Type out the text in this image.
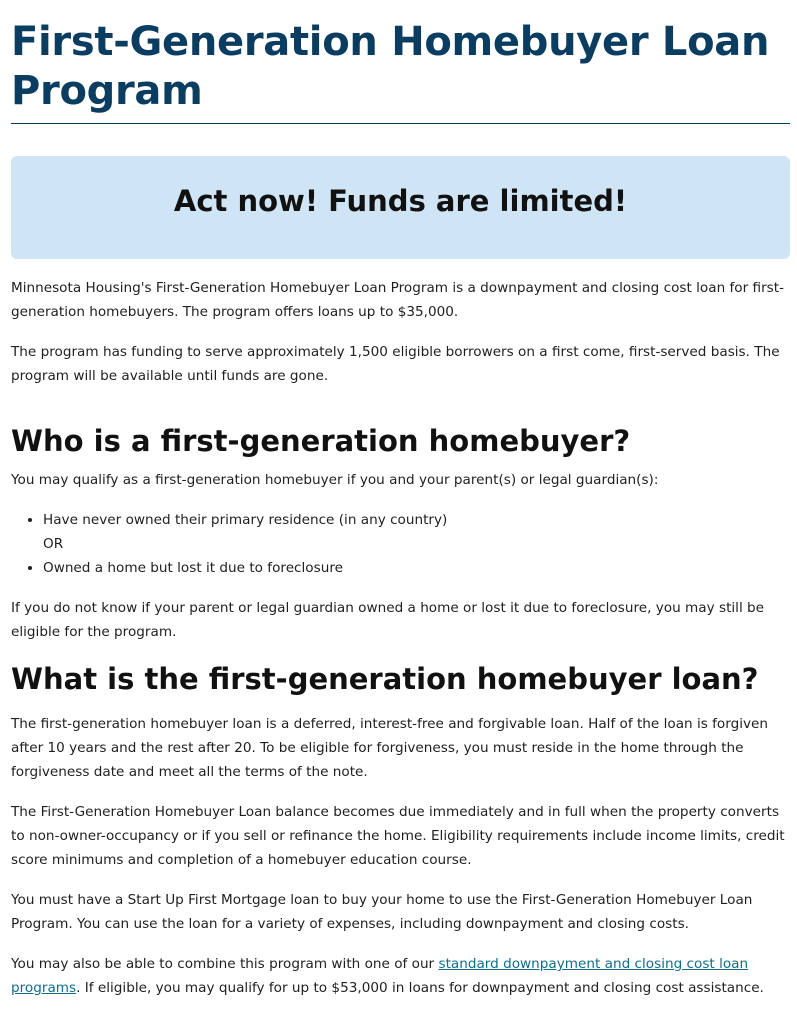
First-Generation Homebuyer Loan Program
Act now! Funds are limited!

Minnesota Housing's First-Generation Homebuyer Loan Program is a downpayment and closing cost loan for first-generation homebuyers. The program offers loans up to $35,000.

The program has funding to serve approximately 1,500 eligible borrowers on a first come, first-served basis. The program will be available until funds are gone.

Who is a first-generation homebuyer?

You may qualify as a first-generation homebuyer if you and your parent(s) or legal guardian(s):

• Have never owned their primary residence (in any country)
OR
• Owned a home but lost it due to foreclosure

If you do not know if your parent or legal guardian owned a home or lost it due to foreclosure, you may still be eligible for the program.

What is the first-generation homebuyer loan?

The first-generation homebuyer loan is a deferred, interest-free and forgivable loan. Half of the loan is forgiven after 10 years and the rest after 20. To be eligible for forgiveness, you must reside in the home through the forgiveness date and meet all the terms of the note.

The First-Generation Homebuyer Loan balance becomes due immediately and in full when the property converts to non-owner-occupancy or if you sell or refinance the home. Eligibility requirements include income limits, credit score minimums and completion of a homebuyer education course.

You must have a Start Up First Mortgage loan to buy your home to use the First-Generation Homebuyer Loan Program. You can use the loan for a variety of expenses, including downpayment and closing costs.

You may also be able to combine this program with one of our standard downpayment and closing cost loan programs. If eligible, you may qualify for up to $53,000 in loans for downpayment and closing cost assistance.
